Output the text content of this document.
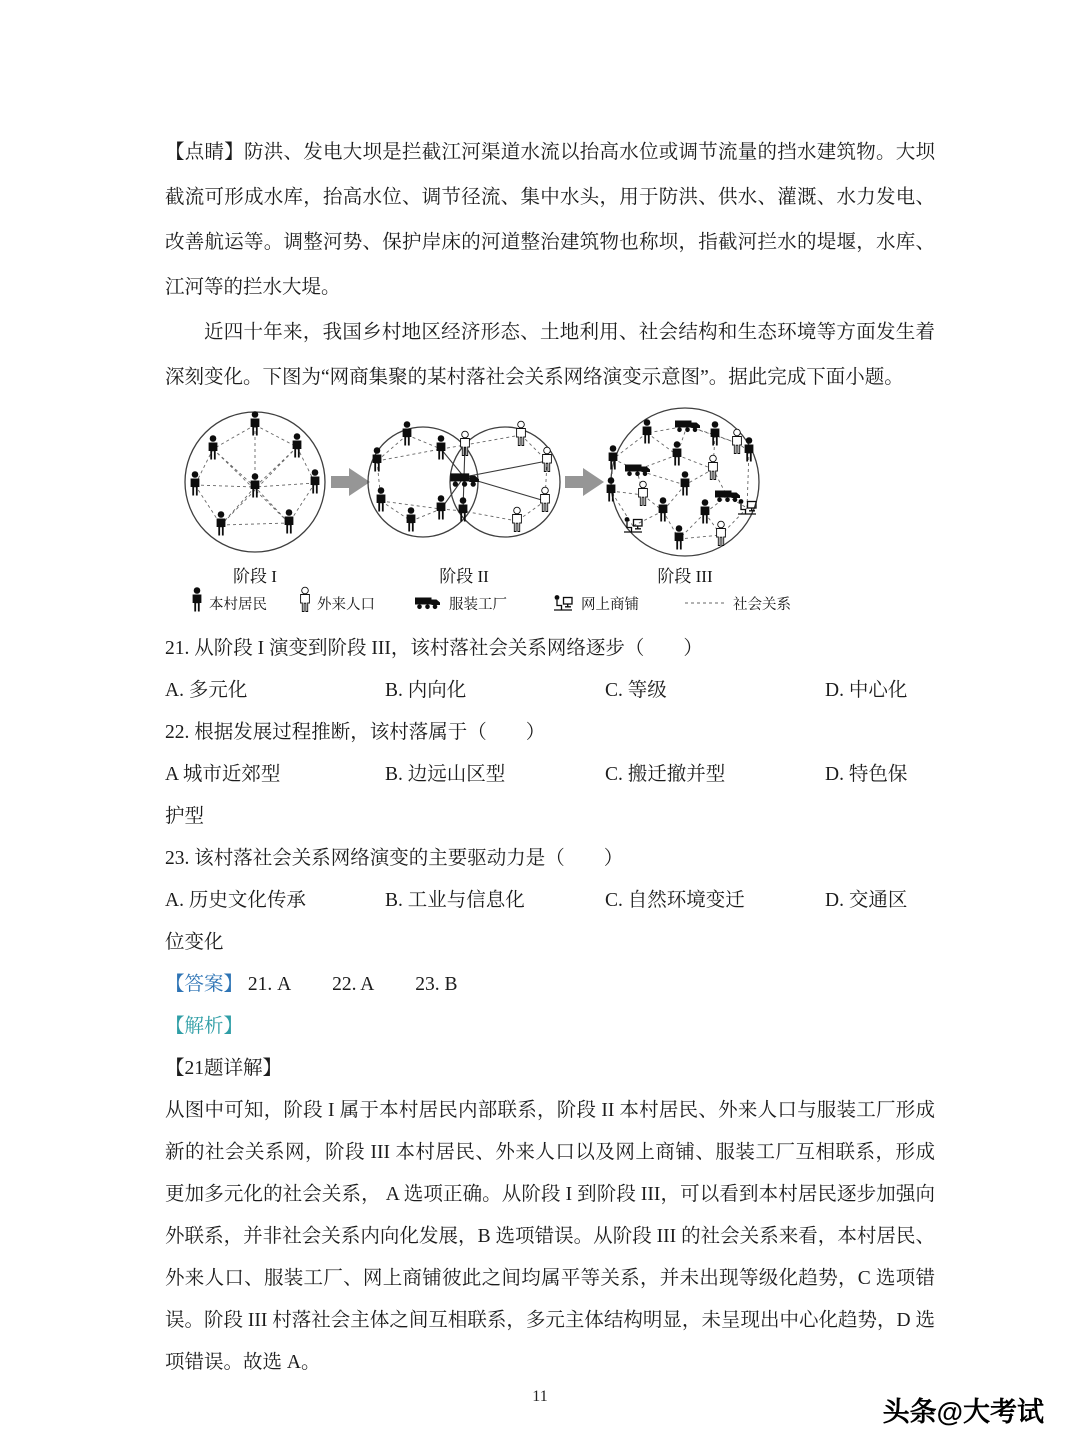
【点睛】防洪、发电大坝是拦截江河渠道水流以抬高水位或调节流量的挡水建筑物。大坝截流可形成水库，抬高水位、调节径流、集中水头，用于防洪、供水、灌溉、水力发电、改善航运等。调整河势、保护岸床的河道整治建筑物也称坝，指截河拦水的堤堰，水库、江河等的拦水大堤。

近四十年来，我国乡村地区经济形态、土地利用、社会结构和生态环境等方面发生着深刻变化。下图为“网商集聚的某村落社会关系网络演变示意图”。据此完成下面小题。

阶段 I	阶段 II	阶段 III
本村居民	外来人口	服装工厂	网上商铺	社会关系

21. 从阶段 I 演变到阶段 III，该村落社会关系网络逐步（　　）

A. 多元化	B. 内向化	C. 等级	D. 中心化

22. 根据发展过程推断，该村落属于（　　）

A 城市近郊型	B. 边远山区型	C. 搬迁撤并型	D. 特色保

护型

23. 该村落社会关系网络演变的主要驱动力是（　　）

A. 历史文化传承	B. 工业与信息化	C. 自然环境变迁	D. 交通区

位变化

【答案】 21. A 22. A 23. B

【解析】

【21题详解】

从图中可知，阶段 I 属于本村居民内部联系，阶段 II 本村居民、外来人口与服装工厂形成新的社会关系网，阶段 III 本村居民、外来人口以及网上商铺、服装工厂互相联系，形成更加多元化的社会关系， A 选项正确。从阶段 I 到阶段 III，可以看到本村居民逐步加强向外联系，并非社会关系内向化发展，B 选项错误。从阶段 III 的社会关系来看，本村居民、外来人口、服装工厂、网上商铺彼此之间均属平等关系，并未出现等级化趋势，C 选项错误。阶段 III 村落社会主体之间互相联系，多元主体结构明显，未呈现出中心化趋势，D 选项错误。故选 A。

11
头条@大考试
